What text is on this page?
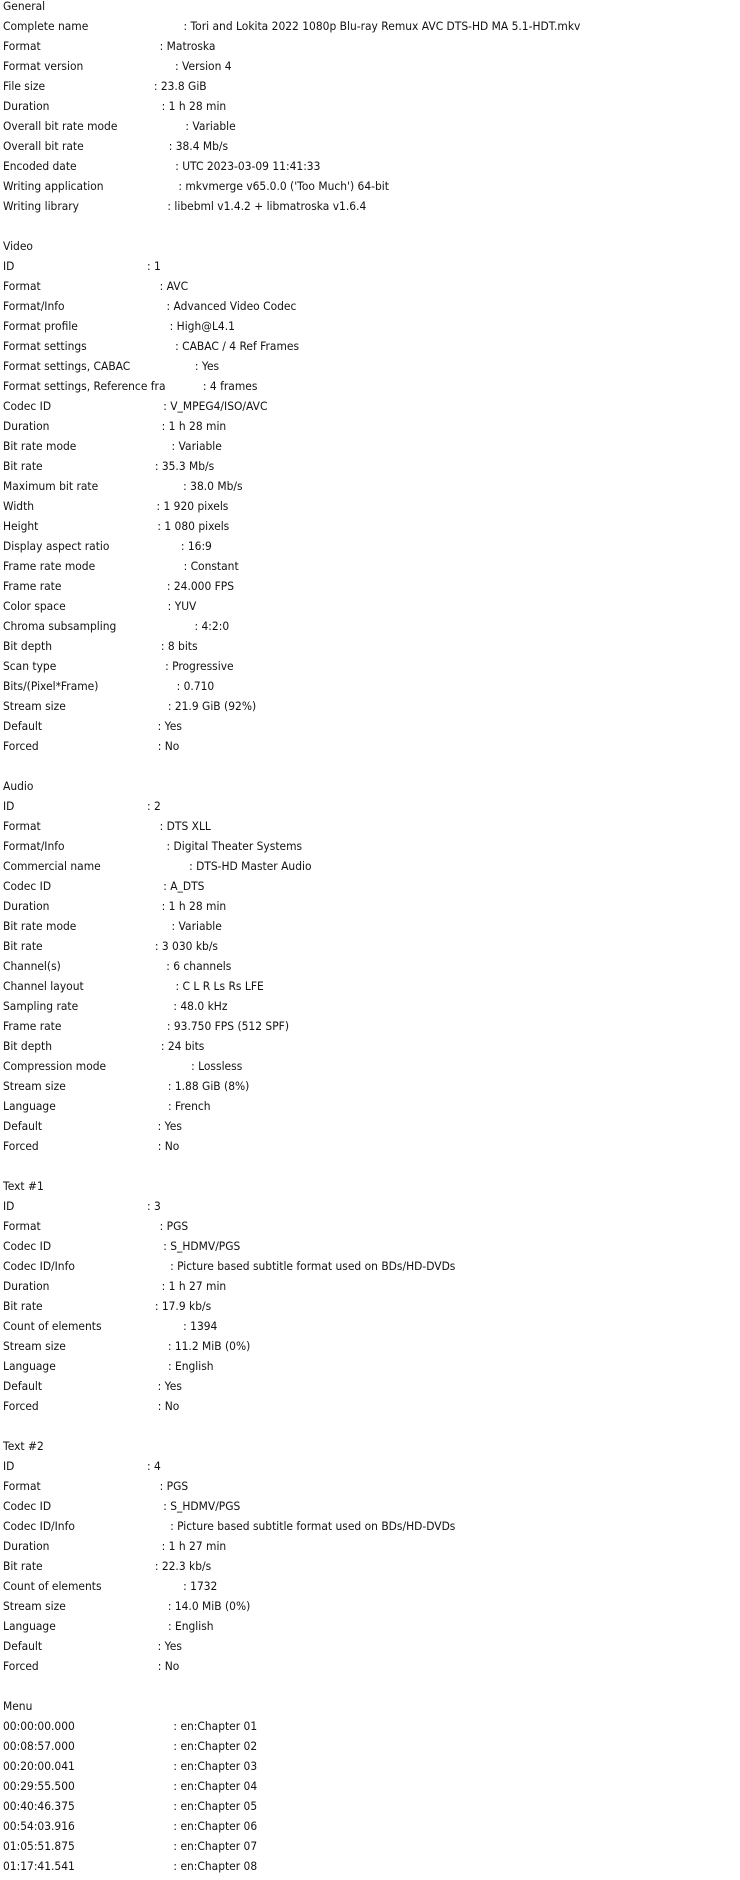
General
Complete name                            : Tori and Lokita 2022 1080p Blu-ray Remux AVC DTS-HD MA 5.1-HDT.mkv
Format                                   : Matroska
Format version                           : Version 4
File size                                : 23.8 GiB
Duration                                 : 1 h 28 min
Overall bit rate mode                    : Variable
Overall bit rate                         : 38.4 Mb/s
Encoded date                             : UTC 2023-03-09 11:41:33
Writing application                      : mkvmerge v65.0.0 ('Too Much') 64-bit
Writing library                          : libebml v1.4.2 + libmatroska v1.6.4
Video
ID                                       : 1
Format                                   : AVC
Format/Info                              : Advanced Video Codec
Format profile                           : High@L4.1
Format settings                          : CABAC / 4 Ref Frames
Format settings, CABAC                   : Yes
Format settings, Reference fra           : 4 frames
Codec ID                                 : V_MPEG4/ISO/AVC
Duration                                 : 1 h 28 min
Bit rate mode                            : Variable
Bit rate                                 : 35.3 Mb/s
Maximum bit rate                         : 38.0 Mb/s
Width                                    : 1 920 pixels
Height                                   : 1 080 pixels
Display aspect ratio                     : 16:9
Frame rate mode                          : Constant
Frame rate                               : 24.000 FPS
Color space                              : YUV
Chroma subsampling                       : 4:2:0
Bit depth                                : 8 bits
Scan type                                : Progressive
Bits/(Pixel*Frame)                       : 0.710
Stream size                              : 21.9 GiB (92%)
Default                                  : Yes
Forced                                   : No
Audio
ID                                       : 2
Format                                   : DTS XLL
Format/Info                              : Digital Theater Systems
Commercial name                          : DTS-HD Master Audio
Codec ID                                 : A_DTS
Duration                                 : 1 h 28 min
Bit rate mode                            : Variable
Bit rate                                 : 3 030 kb/s
Channel(s)                               : 6 channels
Channel layout                           : C L R Ls Rs LFE
Sampling rate                            : 48.0 kHz
Frame rate                               : 93.750 FPS (512 SPF)
Bit depth                                : 24 bits
Compression mode                         : Lossless
Stream size                              : 1.88 GiB (8%)
Language                                 : French
Default                                  : Yes
Forced                                   : No
Text #1
ID                                       : 3
Format                                   : PGS
Codec ID                                 : S_HDMV/PGS
Codec ID/Info                            : Picture based subtitle format used on BDs/HD-DVDs
Duration                                 : 1 h 27 min
Bit rate                                 : 17.9 kb/s
Count of elements                        : 1394
Stream size                              : 11.2 MiB (0%)
Language                                 : English
Default                                  : Yes
Forced                                   : No
Text #2
ID                                       : 4
Format                                   : PGS
Codec ID                                 : S_HDMV/PGS
Codec ID/Info                            : Picture based subtitle format used on BDs/HD-DVDs
Duration                                 : 1 h 27 min
Bit rate                                 : 22.3 kb/s
Count of elements                        : 1732
Stream size                              : 14.0 MiB (0%)
Language                                 : English
Default                                  : Yes
Forced                                   : No
Menu
00:00:00.000                             : en:Chapter 01
00:08:57.000                             : en:Chapter 02
00:20:00.041                             : en:Chapter 03
00:29:55.500                             : en:Chapter 04
00:40:46.375                             : en:Chapter 05
00:54:03.916                             : en:Chapter 06
01:05:51.875                             : en:Chapter 07
01:17:41.541                             : en:Chapter 08
